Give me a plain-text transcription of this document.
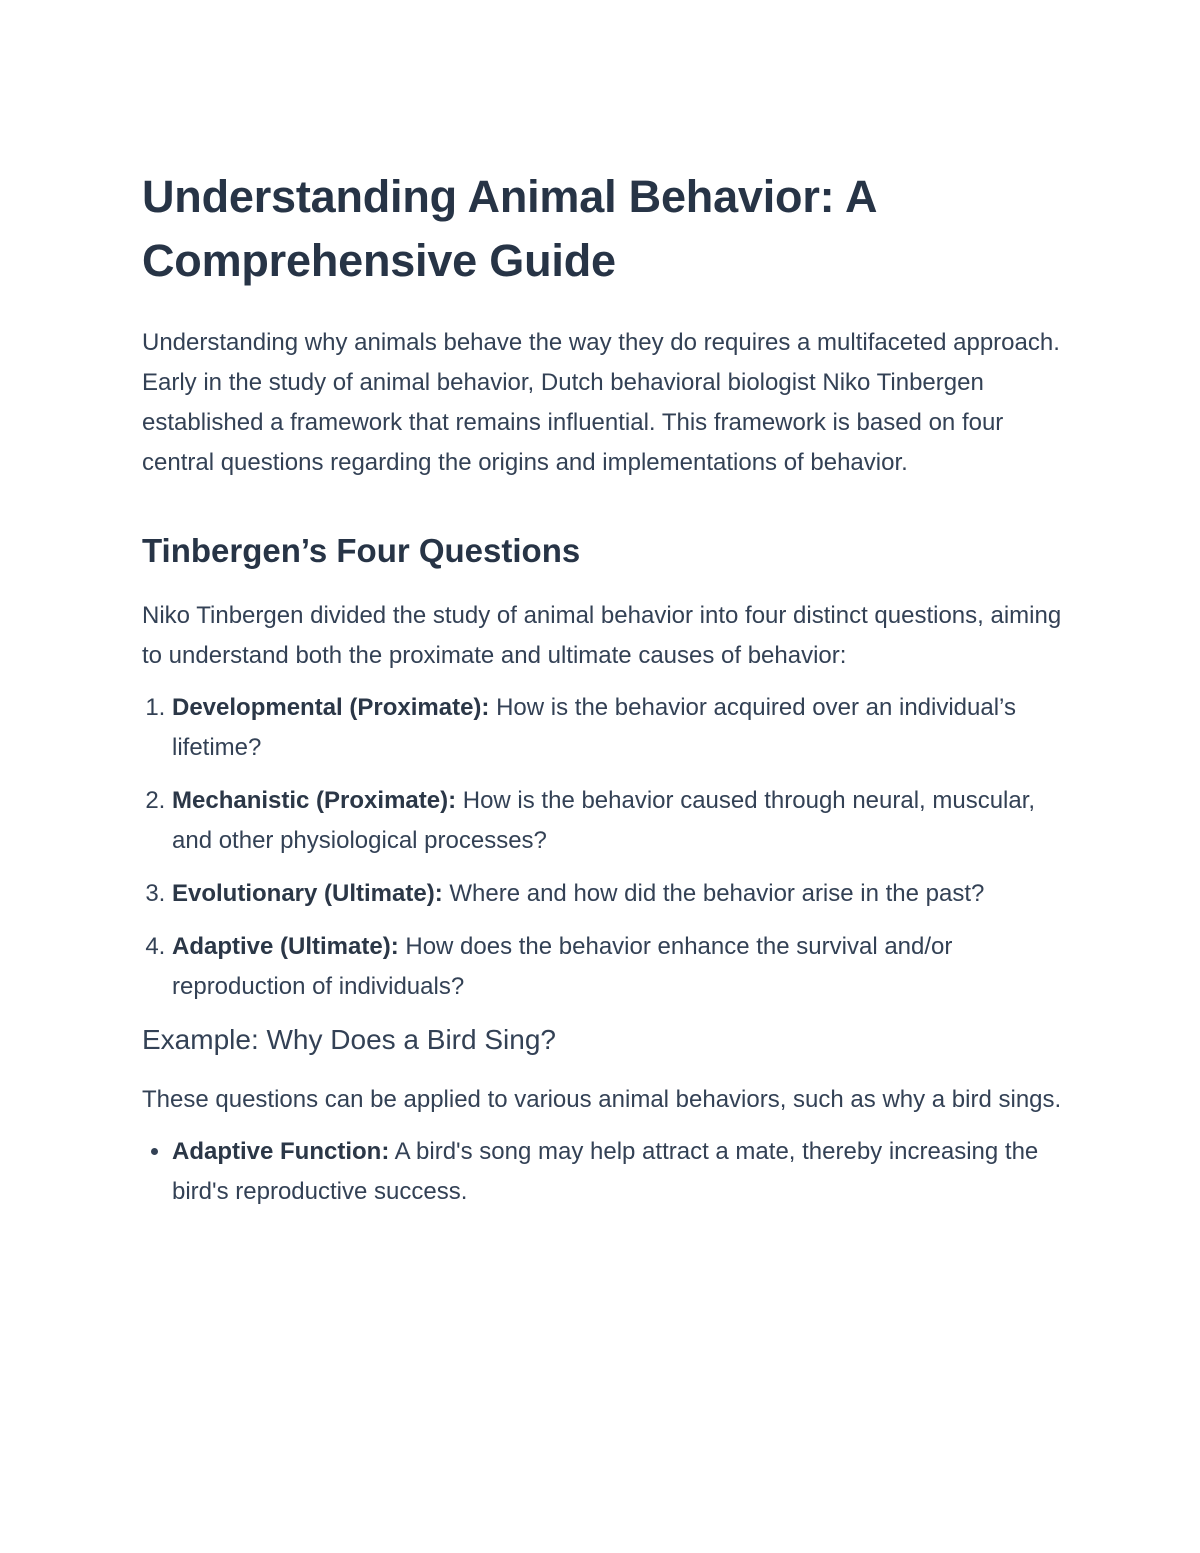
Understanding Animal Behavior: A Comprehensive Guide

Understanding why animals behave the way they do requires a multifaceted approach. Early in the study of animal behavior, Dutch behavioral biologist Niko Tinbergen established a framework that remains influential. This framework is based on four central questions regarding the origins and implementations of behavior.

Tinbergen’s Four Questions

Niko Tinbergen divided the study of animal behavior into four distinct questions, aiming to understand both the proximate and ultimate causes of behavior:

1. Developmental (Proximate): How is the behavior acquired over an individual’s lifetime?
2. Mechanistic (Proximate): How is the behavior caused through neural, muscular, and other physiological processes?
3. Evolutionary (Ultimate): Where and how did the behavior arise in the past?
4. Adaptive (Ultimate): How does the behavior enhance the survival and/or reproduction of individuals?
Example: Why Does a Bird Sing?

These questions can be applied to various animal behaviors, such as why a bird sings.

• Adaptive Function: A bird's song may help attract a mate, thereby increasing the bird's reproductive success.
